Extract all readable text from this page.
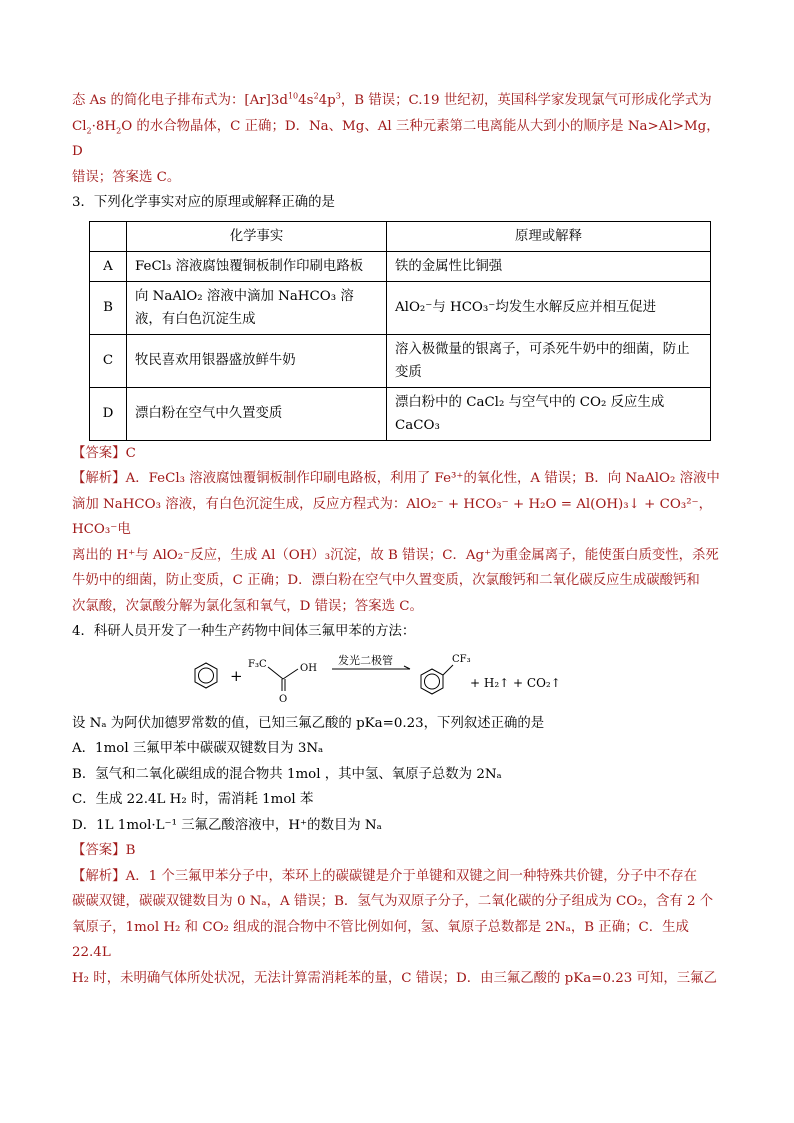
态 As 的简化电子排布式为：$[Ar]3d^{10}4s^24p^3$，B 错误；C.19 世纪初，英国科学家发现氯气可形成化学式为

$Cl_2\cdot 8H_2O$ 的水合物晶体，C 正确；D．Na、Mg、Al 三种元素第二电离能从大到小的顺序是 Na>Al>Mg，D

错误；答案选 C。

3．下列化学事实对应的原理或解释正确的是

	化学事实	原理或解释
A	FeCl₃ 溶液腐蚀覆铜板制作印刷电路板	铁的金属性比铜强
B	向 NaAlO₂ 溶液中滴加 NaHCO₃ 溶液，有白色沉淀生成	AlO₂⁻与 HCO₃⁻均发生水解反应并相互促进
C	牧民喜欢用银器盛放鲜牛奶	溶入极微量的银离子，可杀死牛奶中的细菌，防止变质
D	漂白粉在空气中久置变质	漂白粉中的 CaCl₂ 与空气中的 CO₂ 反应生成 CaCO₃

【答案】C

【解析】A．FeCl₃ 溶液腐蚀覆铜板制作印刷电路板，利用了 Fe³⁺的氧化性，A 错误；B．向 NaAlO₂ 溶液中

滴加 NaHCO₃ 溶液，有白色沉淀生成，反应方程式为：AlO₂⁻ + HCO₃⁻ + H₂O = Al(OH)₃↓ + CO₃²⁻，HCO₃⁻电

离出的 H⁺与 AlO₂⁻反应，生成 Al（OH）₃沉淀，故 B 错误；C．Ag⁺为重金属离子，能使蛋白质变性，杀死

牛奶中的细菌，防止变质，C 正确；D．漂白粉在空气中久置变质，次氯酸钙和二氧化碳反应生成碳酸钙和

次氯酸，次氯酸分解为氯化氢和氧气，D 错误；答案选 C。

4．科研人员开发了一种生产药物中间体三氟甲苯的方法：

+
F₃C	OH
O
发光二极管	CF₃
+ H₂↑ + CO₂↑

设 Nₐ 为阿伏加德罗常数的值，已知三氟乙酸的 pKa=0.23，下列叙述正确的是

A．1mol 三氟甲苯中碳碳双键数目为 3Nₐ

B．氢气和二氧化碳组成的混合物共 1mol ，其中氢、氧原子总数为 2Nₐ

C．生成 22.4L H₂ 时，需消耗 1mol 苯

D．1L 1mol·L⁻¹ 三氟乙酸溶液中，H⁺的数目为 Nₐ

【答案】B

【解析】A．1 个三氟甲苯分子中，苯环上的碳碳键是介于单键和双键之间一种特殊共价键，分子中不存在

碳碳双键，碳碳双键数目为 0 Nₐ，A 错误；B．氢气为双原子分子，二氧化碳的分子组成为 CO₂，含有 2 个

氧原子，1mol H₂ 和 CO₂ 组成的混合物中不管比例如何，氢、氧原子总数都是 2Nₐ，B 正确；C．生成 22.4L

H₂ 时，未明确气体所处状况，无法计算需消耗苯的量，C 错误；D．由三氟乙酸的 pKa=0.23 可知，三氟乙
